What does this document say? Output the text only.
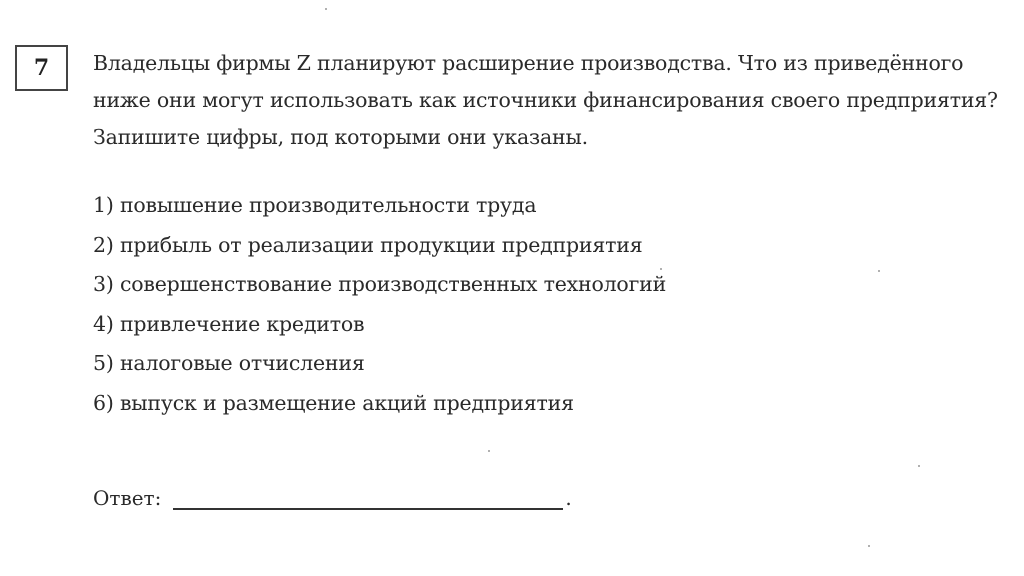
7 Владельцы фирмы Z планируют расширение производства. Что из приведённого
ниже они могут использовать как источники финансирования своего предприятия?
Запишите цифры, под которыми они указаны.
1) повышение производительности труда
2) прибыль от реализации продукции предприятия
3) совершенствование производственных технологий
4) привлечение кредитов
5) налоговые отчисления
6) выпуск и размещение акций предприятия
Ответ:	.
